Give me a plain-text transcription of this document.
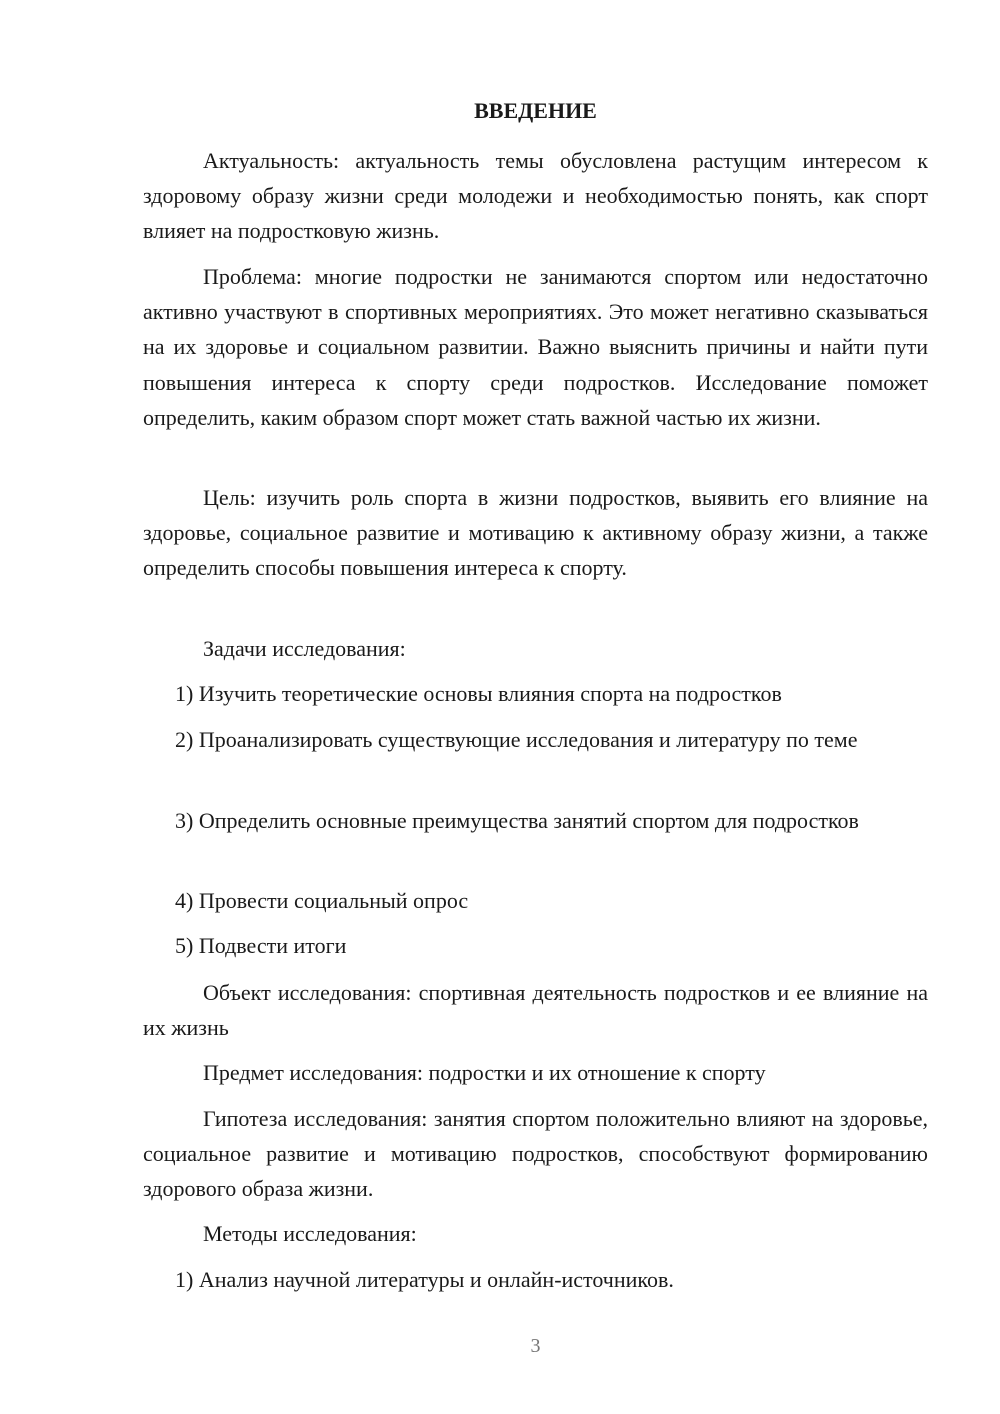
ВВЕДЕНИЕ

Актуальность: актуальность темы обусловлена растущим интересом к здоровому образу жизни среди молодежи и необходимостью понять, как спорт влияет на подростковую жизнь.

Проблема: многие подростки не занимаются спортом или недостаточно активно участвуют в спортивных мероприятиях. Это может негативно сказываться на их здоровье и социальном развитии. Важно выяснить причины и найти пути повышения интереса к спорту среди подростков. Исследование поможет определить, каким образом спорт может стать важной частью их жизни.

Цель: изучить роль спорта в жизни подростков, выявить его влияние на здоровье, социальное развитие и мотивацию к активному образу жизни, а также определить способы повышения интереса к спорту.

Задачи исследования:

1) Изучить теоретические основы влияния спорта на подростков

2) Проанализировать существующие исследования и литературу по теме

3) Определить основные преимущества занятий спортом для подростков

4) Провести социальный опрос

5) Подвести итоги

Объект исследования: спортивная деятельность подростков и ее влияние на их жизнь

Предмет исследования: подростки и их отношение к спорту

Гипотеза исследования: занятия спортом положительно влияют на здоровье, социальное развитие и мотивацию подростков, способствуют формированию здорового образа жизни.

Методы исследования:

1) Анализ научной литературы и онлайн-источников.

3
